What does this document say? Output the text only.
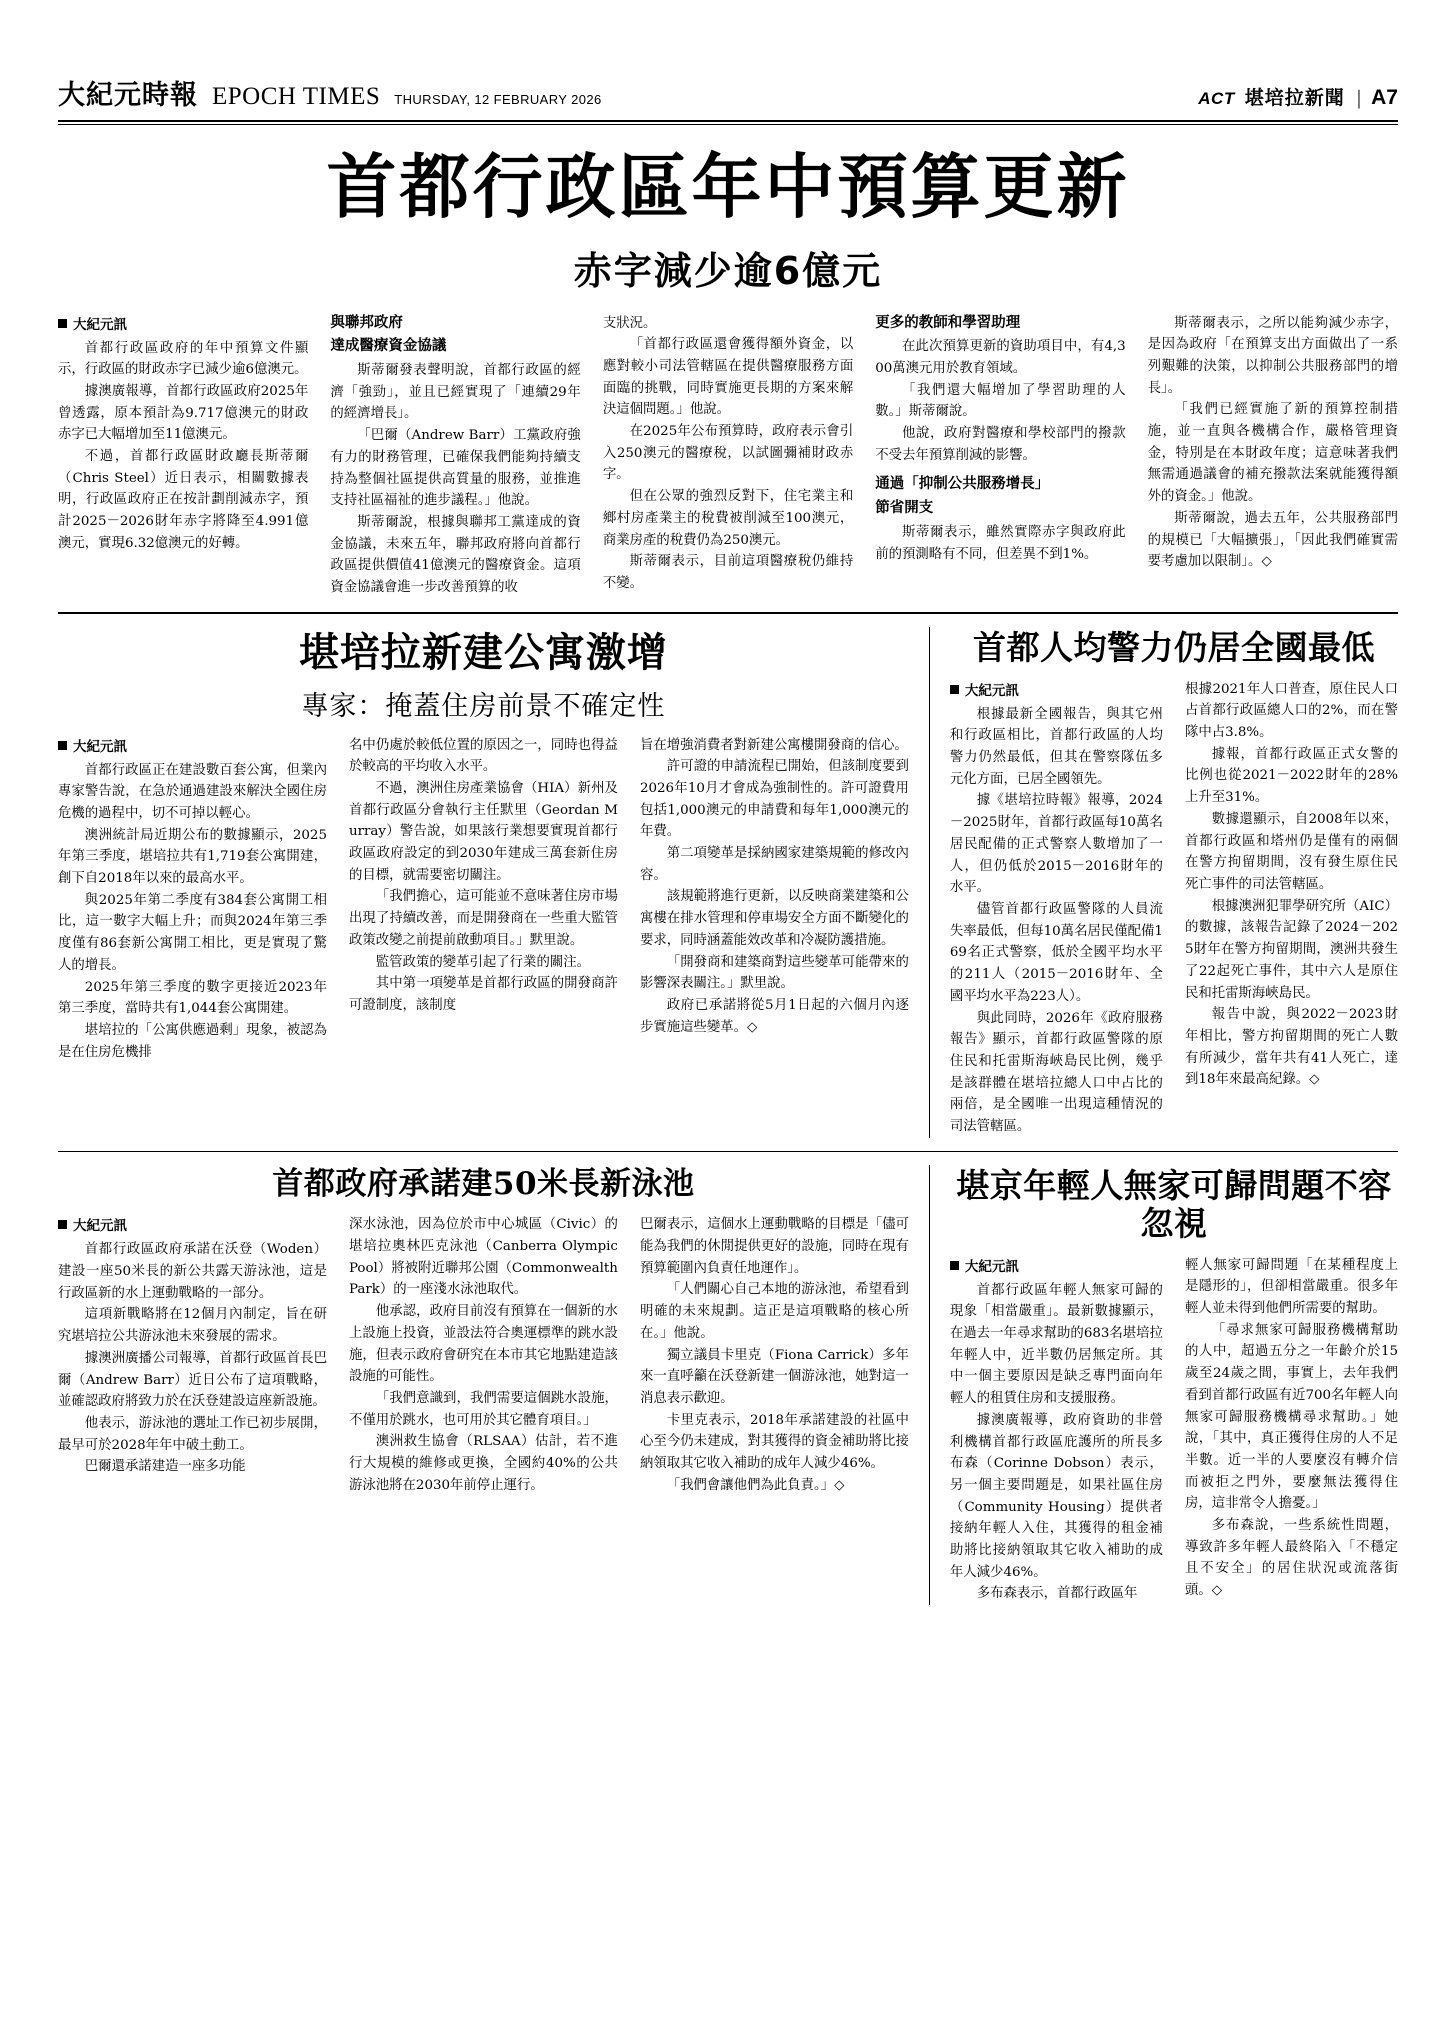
大紀元時報 EPOCH TIMES THURSDAY, 12 FEBRUARY 2026	ACT 堪培拉新聞 | A7
首都行政區年中預算更新
赤字減少逾6億元
大紀元訊

首都行政區政府的年中預算文件顯示，行政區的財政赤字已減少逾6億澳元。

據澳廣報導，首都行政區政府2025年曾透露，原本預計為9.717億澳元的財政赤字已大幅增加至11億澳元。

不過，首都行政區財政廳長斯蒂爾（Chris Steel）近日表示，相關數據表明，行政區政府正在按計劃削減赤字，預計2025－2026財年赤字將降至4.991億澳元，實現6.32億澳元的好轉。

與聯邦政府
達成醫療資金協議

斯蒂爾發表聲明說，首都行政區的經濟「強勁」，並且已經實現了「連續29年的經濟增長」。

「巴爾（Andrew Barr）工黨政府強有力的財務管理，已確保我們能夠持續支持為整個社區提供高質量的服務，並推進支持社區福祉的進步議程。」他說。

斯蒂爾說，根據與聯邦工黨達成的資金協議，未來五年，聯邦政府將向首都行政區提供價值41億澳元的醫療資金。這項資金協議會進一步改善預算的收

支狀況。

「首都行政區還會獲得額外資金，以應對較小司法管轄區在提供醫療服務方面面臨的挑戰，同時實施更長期的方案來解決這個問題。」他說。

在2025年公布預算時，政府表示會引入250澳元的醫療稅，以試圖彌補財政赤字。

但在公眾的強烈反對下，住宅業主和鄉村房產業主的稅費被削減至100澳元，商業房產的稅費仍為250澳元。

斯蒂爾表示，目前這項醫療稅仍維持不變。

更多的教師和學習助理

在此次預算更新的資助項目中，有4,300萬澳元用於教育領域。

「我們還大幅增加了學習助理的人數。」斯蒂爾說。

他說，政府對醫療和學校部門的撥款不受去年預算削減的影響。

通過「抑制公共服務增長」
節省開支

斯蒂爾表示，雖然實際赤字與政府此前的預測略有不同，但差異不到1%。

斯蒂爾表示，之所以能夠減少赤字，是因為政府「在預算支出方面做出了一系列艱難的決策，以抑制公共服務部門的增長」。

「我們已經實施了新的預算控制措施，並一直與各機構合作，嚴格管理資金，特別是在本財政年度；這意味著我們無需通過議會的補充撥款法案就能獲得額外的資金。」他說。

斯蒂爾說，過去五年，公共服務部門的規模已「大幅擴張」，「因此我們確實需要考慮加以限制」。◇

堪培拉新建公寓激增
專家：掩蓋住房前景不確定性
大紀元訊

首都行政區正在建設數百套公寓，但業內專家警告說，在急於通過建設來解決全國住房危機的過程中，切不可掉以輕心。

澳洲統計局近期公布的數據顯示，2025年第三季度，堪培拉共有1,719套公寓開建，創下自2018年以來的最高水平。

與2025年第二季度有384套公寓開工相比，這一數字大幅上升；而與2024年第三季度僅有86套新公寓開工相比，更是實現了驚人的增長。

2025年第三季度的數字更接近2023年第三季度，當時共有1,044套公寓開建。

堪培拉的「公寓供應過剩」現象，被認為是在住房危機排

名中仍處於較低位置的原因之一，同時也得益於較高的平均收入水平。

不過，澳洲住房產業協會（HIA）新州及首都行政區分會執行主任默里（Geordan Murray）警告說，如果該行業想要實現首都行政區政府設定的到2030年建成三萬套新住房的目標，就需要密切關注。

「我們擔心，這可能並不意味著住房市場出現了持續改善，而是開發商在一些重大監管政策改變之前提前啟動項目。」默里說。

監管政策的變革引起了行業的關注。

其中第一項變革是首都行政區的開發商許可證制度，該制度

旨在增強消費者對新建公寓樓開發商的信心。

許可證的申請流程已開始，但該制度要到2026年10月才會成為強制性的。許可證費用包括1,000澳元的申請費和每年1,000澳元的年費。

第二項變革是採納國家建築規範的修改內容。

該規範將進行更新，以反映商業建築和公寓樓在排水管理和停車場安全方面不斷變化的要求，同時涵蓋能效改革和冷凝防護措施。

「開發商和建築商對這些變革可能帶來的影響深表關注。」默里說。

政府已承諾將從5月1日起的六個月內逐步實施這些變革。◇

首都人均警力仍居全國最低
大紀元訊

根據最新全國報告，與其它州和行政區相比，首都行政區的人均警力仍然最低，但其在警察隊伍多元化方面，已居全國領先。

據《堪培拉時報》報導，2024－2025財年，首都行政區每10萬名居民配備的正式警察人數增加了一人，但仍低於2015－2016財年的水平。

儘管首都行政區警隊的人員流失率最低，但每10萬名居民僅配備169名正式警察，低於全國平均水平的211人（2015－2016財年、全國平均水平為223人）。

與此同時，2026年《政府服務報告》顯示，首都行政區警隊的原住民和托雷斯海峽島民比例，幾乎是該群體在堪培拉總人口中占比的兩倍，是全國唯一出現這種情況的司法管轄區。

根據2021年人口普查，原住民人口占首都行政區總人口的2%，而在警隊中占3.8%。

據報，首都行政區正式女警的比例也從2021－2022財年的28%上升至31%。

數據還顯示，自2008年以來，首都行政區和塔州仍是僅有的兩個在警方拘留期間，沒有發生原住民死亡事件的司法管轄區。

根據澳洲犯罪學研究所（AIC）的數據，該報告記錄了2024－2025財年在警方拘留期間，澳洲共發生了22起死亡事件，其中六人是原住民和托雷斯海峽島民。

報告中說，與2022－2023財年相比，警方拘留期間的死亡人數有所減少，當年共有41人死亡，達到18年來最高紀錄。◇

首都政府承諾建50米長新泳池
大紀元訊

首都行政區政府承諾在沃登（Woden）建設一座50米長的新公共露天游泳池，這是行政區新的水上運動戰略的一部分。

這項新戰略將在12個月內制定，旨在研究堪培拉公共游泳池未來發展的需求。

據澳洲廣播公司報導，首都行政區首長巴爾（Andrew Barr）近日公布了這項戰略，並確認政府將致力於在沃登建設這座新設施。

他表示，游泳池的選址工作已初步展開，最早可於2028年年中破土動工。

巴爾還承諾建造一座多功能

深水泳池，因為位於市中心城區（Civic）的堪培拉奧林匹克泳池（Canberra Olympic Pool）將被附近聯邦公園（Commonwealth Park）的一座淺水泳池取代。

他承認，政府目前沒有預算在一個新的水上設施上投資，並設法符合奧運標準的跳水設施，但表示政府會研究在本市其它地點建造該設施的可能性。

「我們意識到，我們需要這個跳水設施，不僅用於跳水，也可用於其它體育項目。」

澳洲救生協會（RLSAA）估計，若不進行大規模的維修或更換，全國約40%的公共游泳池將在2030年前停止運行。

巴爾表示，這個水上運動戰略的目標是「儘可能為我們的休閒提供更好的設施，同時在現有預算範圍內負責任地運作」。

「人們關心自己本地的游泳池，希望看到明確的未來規劃。這正是這項戰略的核心所在。」他說。

獨立議員卡里克（Fiona Carrick）多年來一直呼籲在沃登新建一個游泳池，她對這一消息表示歡迎。

卡里克表示，2018年承諾建設的社區中心至今仍未建成，對其獲得的資金補助將比接納領取其它收入補助的成年人減少46%。

「我們會讓他們為此負責。」◇

堪京年輕人無家可歸問題不容忽視
大紀元訊

首都行政區年輕人無家可歸的現象「相當嚴重」。最新數據顯示，在過去一年尋求幫助的683名堪培拉年輕人中，近半數仍居無定所。其中一個主要原因是缺乏專門面向年輕人的租賃住房和支援服務。

據澳廣報導，政府資助的非營利機構首都行政區庇護所的所長多布森（Corinne Dobson）表示，另一個主要問題是，如果社區住房（Community Housing）提供者接納年輕人入住，其獲得的租金補助將比接納領取其它收入補助的成年人減少46%。

多布森表示，首都行政區年

輕人無家可歸問題「在某種程度上是隱形的」，但卻相當嚴重。很多年輕人並未得到他們所需要的幫助。

「尋求無家可歸服務機構幫助的人中，超過五分之一年齡介於15歲至24歲之間，事實上，去年我們看到首都行政區有近700名年輕人向無家可歸服務機構尋求幫助。」她說，「其中，真正獲得住房的人不足半數。近一半的人要麼沒有轉介信而被拒之門外，要麼無法獲得住房，這非常令人擔憂。」

多布森說，一些系統性問題，導致許多年輕人最終陷入「不穩定且不安全」的居住狀況或流落街頭。◇
